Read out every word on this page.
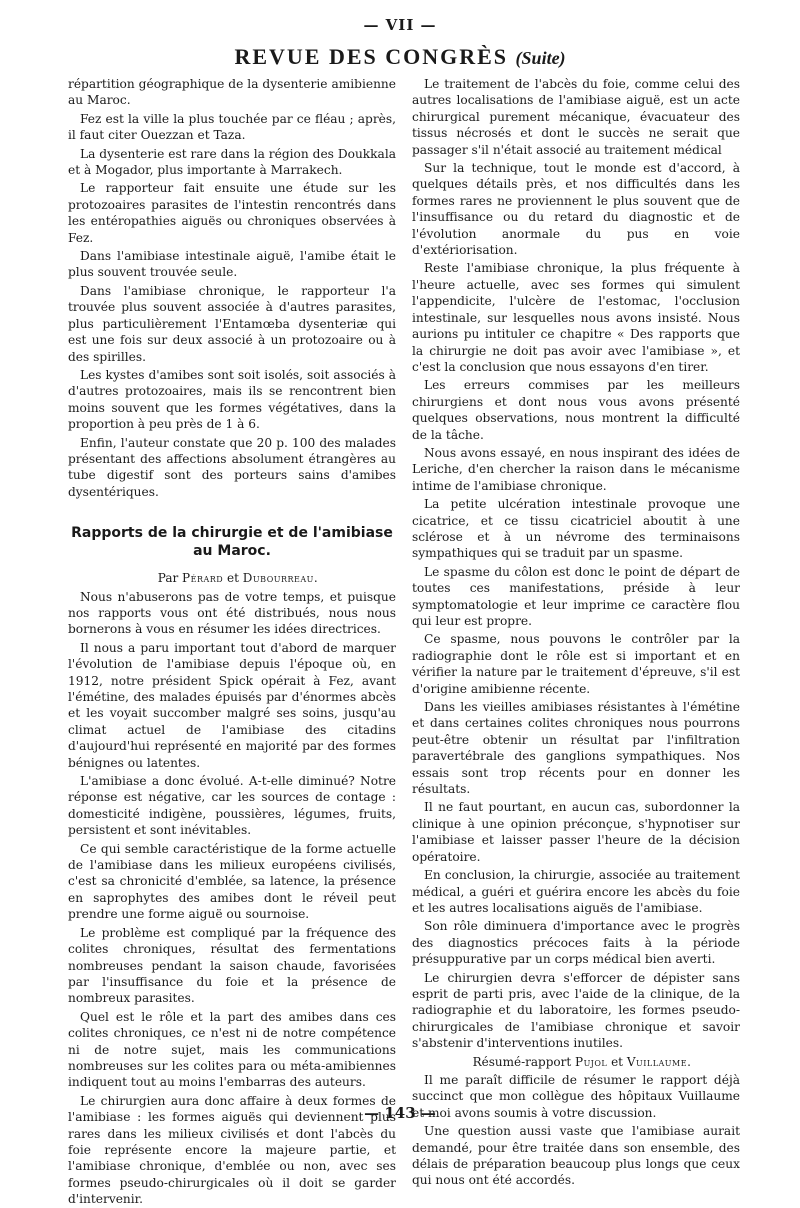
— VII —
REVUE DES CONGRÈS (Suite)

répartition géographique de la dysenterie amibienne au Maroc.

Fez est la ville la plus touchée par ce fléau ; après, il faut citer Ouezzan et Taza.

La dysenterie est rare dans la région des Doukkala et à Mogador, plus importante à Marrakech.

Le rapporteur fait ensuite une étude sur les protozoaires parasites de l'intestin rencontrés dans les entéropathies aiguës ou chroniques observées à Fez.

Dans l'amibiase intestinale aiguë, l'amibe était le plus souvent trouvée seule.

Dans l'amibiase chronique, le rapporteur l'a trouvée plus souvent associée à d'autres parasites, plus particulièrement l'Entamœba dysenteriæ qui est une fois sur deux associé à un protozoaire ou à des spirilles.

Les kystes d'amibes sont soit isolés, soit associés à d'autres protozoaires, mais ils se rencontrent bien moins souvent que les formes végétatives, dans la proportion à peu près de 1 à 6.

Enfin, l'auteur constate que 20 p. 100 des malades présentant des affections absolument étrangères au tube digestif sont des porteurs sains d'amibes dysentériques.

Rapports de la chirurgie et de l'amibiase au Maroc.

Par Pérard et Dubourreau.

Nous n'abuserons pas de votre temps, et puisque nos rapports vous ont été distribués, nous nous bornerons à vous en résumer les idées directrices.

Il nous a paru important tout d'abord de marquer l'évolution de l'amibiase depuis l'époque où, en 1912, notre président Spick opérait à Fez, avant l'émétine, des malades épuisés par d'énormes abcès et les voyait succomber malgré ses soins, jusqu'au climat actuel de l'amibiase des citadins d'aujourd'hui représenté en majorité par des formes bénignes ou latentes.

L'amibiase a donc évolué. A-t-elle diminué? Notre réponse est négative, car les sources de contage : domesticité indigène, poussières, légumes, fruits, persistent et sont inévitables.

Ce qui semble caractéristique de la forme actuelle de l'amibiase dans les milieux européens civilisés, c'est sa chronicité d'emblée, sa latence, la présence en saprophytes des amibes dont le réveil peut prendre une forme aiguë ou sournoise.

Le problème est compliqué par la fréquence des colites chroniques, résultat des fermentations nombreuses pendant la saison chaude, favorisées par l'insuffisance du foie et la présence de nombreux parasites.

Quel est le rôle et la part des amibes dans ces colites chroniques, ce n'est ni de notre compétence ni de notre sujet, mais les communications nombreuses sur les colites para ou méta-amibiennes indiquent tout au moins l'embarras des auteurs.

Le chirurgien aura donc affaire à deux formes de l'amibiase : les formes aiguës qui deviennent plus rares dans les milieux civilisés et dont l'abcès du foie représente encore la majeure partie, et l'amibiase chronique, d'emblée ou non, avec ses formes pseudo-chirurgicales où il doit se garder d'intervenir.

Le traitement de l'abcès du foie, comme celui des autres localisations de l'amibiase aiguë, est un acte chirurgical purement mécanique, évacuateur des tissus nécrosés et dont le succès ne serait que passager s'il n'était associé au traitement médical

Sur la technique, tout le monde est d'accord, à quelques détails près, et nos difficultés dans les formes rares ne proviennent le plus souvent que de l'insuffisance ou du retard du diagnostic et de l'évolution anormale du pus en voie d'extériorisation.

Reste l'amibiase chronique, la plus fréquente à l'heure actuelle, avec ses formes qui simulent l'appendicite, l'ulcère de l'estomac, l'occlusion intestinale, sur lesquelles nous avons insisté. Nous aurions pu intituler ce chapitre « Des rapports que la chirurgie ne doit pas avoir avec l'amibiase », et c'est la conclusion que nous essayons d'en tirer.

Les erreurs commises par les meilleurs chirurgiens et dont nous vous avons présenté quelques observations, nous montrent la difficulté de la tâche.

Nous avons essayé, en nous inspirant des idées de Leriche, d'en chercher la raison dans le mécanisme intime de l'amibiase chronique.

La petite ulcération intestinale provoque une cicatrice, et ce tissu cicatriciel aboutit à une sclérose et à un névrome des terminaisons sympathiques qui se traduit par un spasme.

Le spasme du côlon est donc le point de départ de toutes ces manifestations, préside à leur symptomatologie et leur imprime ce caractère flou qui leur est propre.

Ce spasme, nous pouvons le contrôler par la radiographie dont le rôle est si important et en vérifier la nature par le traitement d'épreuve, s'il est d'origine amibienne récente.

Dans les vieilles amibiases résistantes à l'émétine et dans certaines colites chroniques nous pourrons peut-être obtenir un résultat par l'infiltration paravertébrale des ganglions sympathiques. Nos essais sont trop récents pour en donner les résultats.

Il ne faut pourtant, en aucun cas, subordonner la clinique à une opinion préconçue, s'hypnotiser sur l'amibiase et laisser passer l'heure de la décision opératoire.

En conclusion, la chirurgie, associée au traitement médical, a guéri et guérira encore les abcès du foie et les autres localisations aiguës de l'amibiase.

Son rôle diminuera d'importance avec le progrès des diagnostics précoces faits à la période présuppurative par un corps médical bien averti.

Le chirurgien devra s'efforcer de dépister sans esprit de parti pris, avec l'aide de la clinique, de la radiographie et du laboratoire, les formes pseudo-chirurgicales de l'amibiase chronique et savoir s'abstenir d'interventions inutiles.

Résumé-rapport Pujol et Vuillaume.

Il me paraît difficile de résumer le rapport déjà succinct que mon collègue des hôpitaux Vuillaume et moi avons soumis à votre discussion.

Une question aussi vaste que l'amibiase aurait demandé, pour être traitée dans son ensemble, des délais de préparation beaucoup plus longs que ceux qui nous ont été accordés.

— 143 —
